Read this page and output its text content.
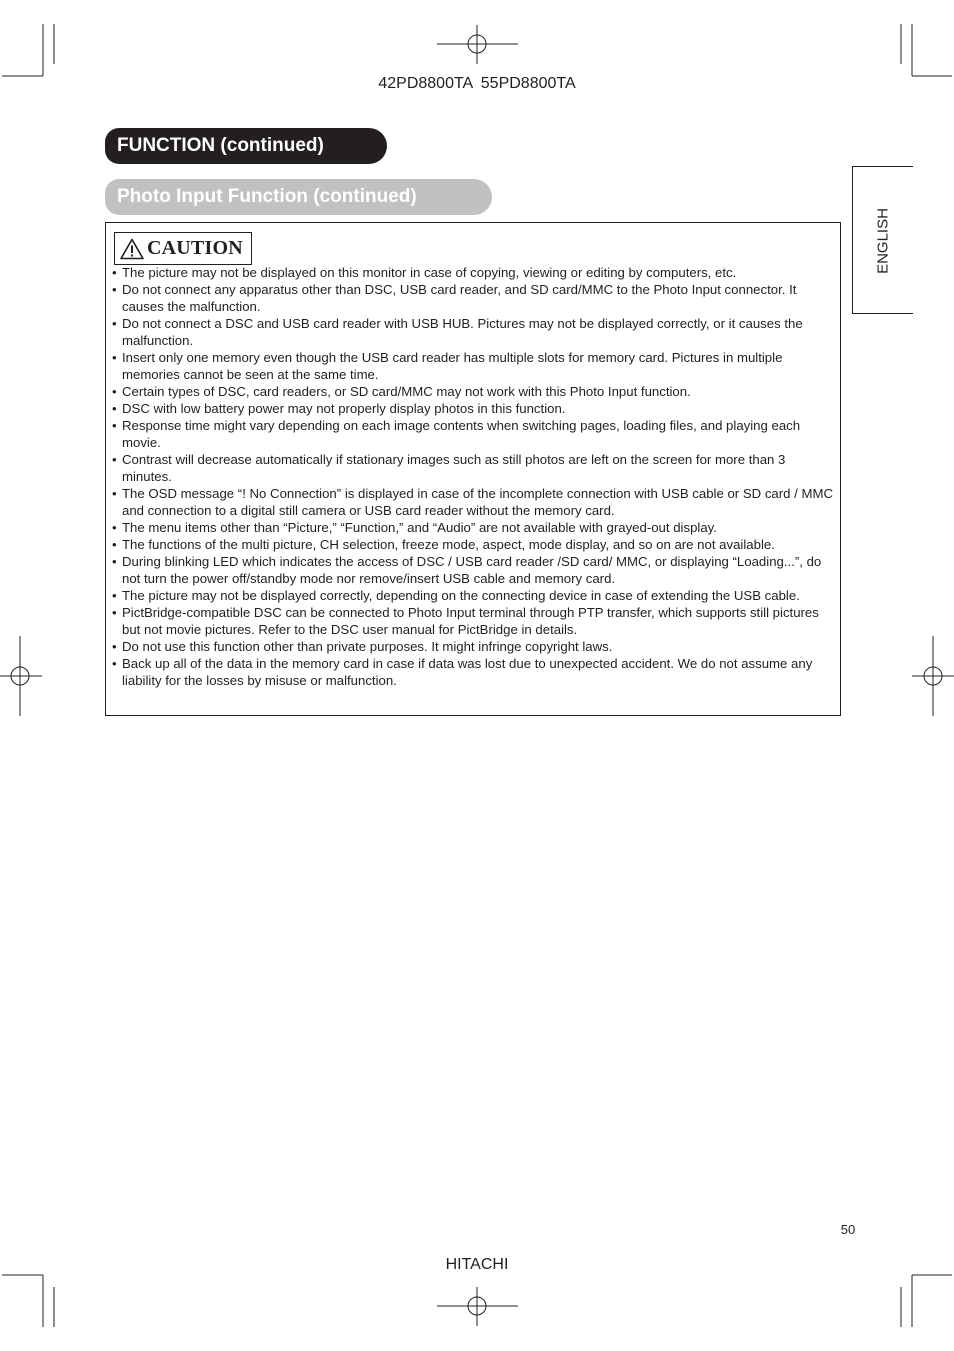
42PD8800TA 55PD8800TA
FUNCTION (continued)
Photo Input Function (continued)
ENGLISH
CAUTION
• The picture may not be displayed on this monitor in case of copying, viewing or editing by computers, etc.
• Do not connect any apparatus other than DSC, USB card reader, and SD card/MMC to the Photo Input connector. It causes the malfunction.
• Do not connect a DSC and USB card reader with USB HUB. Pictures may not be displayed correctly, or it causes the malfunction.
• Insert only one memory even though the USB card reader has multiple slots for memory card. Pictures in multiple memories cannot be seen at the same time.
• Certain types of DSC, card readers, or SD card/MMC may not work with this Photo Input function.
• DSC with low battery power may not properly display photos in this function.
• Response time might vary depending on each image contents when switching pages, loading files, and playing each movie.
• Contrast will decrease automatically if stationary images such as still photos are left on the screen for more than 3 minutes.
• The OSD message “! No Connection” is displayed in case of the incomplete connection with USB cable or SD card / MMC and connection to a digital still camera or USB card reader without the memory card.
• The menu items other than “Picture,” “Function,” and “Audio” are not available with grayed-out display.
• The functions of the multi picture, CH selection, freeze mode, aspect, mode display, and so on are not available.
• During blinking LED which indicates the access of DSC / USB card reader /SD card/ MMC, or displaying “Loading...”, do not turn the power off/standby mode nor remove/insert USB cable and memory card.
• The picture may not be displayed correctly, depending on the connecting device in case of extending the USB cable.
• PictBridge-compatible DSC can be connected to Photo Input terminal through PTP transfer, which supports still pictures but not movie pictures. Refer to the DSC user manual for PictBridge in details.
• Do not use this function other than private purposes. It might infringe copyright laws.
• Back up all of the data in the memory card in case if data was lost due to unexpected accident. We do not assume any liability for the losses by misuse or malfunction.
50
HITACHI
